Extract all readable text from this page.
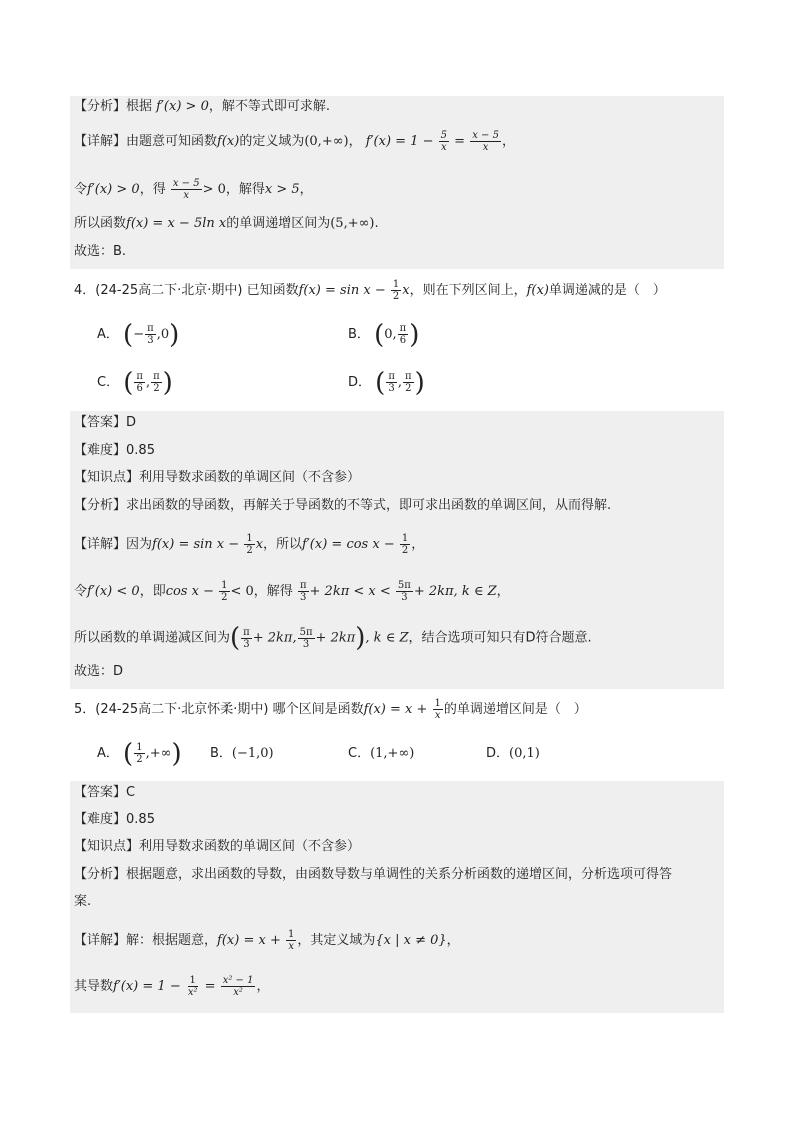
【分析】根据 f′(x) > 0，解不等式即可求解.
【详解】由题意可知函数f(x)的定义域为(0,+∞)， $f'(x) = 1 - \frac{5}{x} = \frac{x - 5}{x}$ ，
令f′(x) > 0，得 $\frac{x - 5}{x} > 0$，解得x > 5，
所以函数f(x) = x − 5ln x的单调递增区间为(5,+∞).
故选：B.
4．(24-25高二下·北京·期中) 已知函数$f(x) = \sin x - \frac{1}{2}$ x，则在下列区间上，f(x)单调递减的是（　）
A． (− $\frac{\pi}{3} ,0$)	B． (0, $\frac{\pi}{6}$ )
C． ( $\frac{\pi}{6}$ , $\frac{\pi}{2}$ )	D． ( $\frac{\pi}{3}$ , $\frac{\pi}{2}$ )
【答案】D
【难度】0.85
【知识点】利用导数求函数的单调区间（不含参）
【分析】求出函数的导函数，再解关于导函数的不等式，即可求出函数的单调区间，从而得解.
【详解】因为$f(x) = \sin x - \frac{1}{2}$ x，所以$f'(x) = \cos x - \frac{1}{2}$ ，
令f′(x) < 0，即$\cos x - \frac{1}{2} < 0$，解得 $\frac{\pi}{3} + 2k\pi < x < \frac{5\pi}{3} + 2k\pi$, k ∈ Z，
所以函数的单调递减区间为( $\frac{\pi}{3} + 2k\pi$, $\frac{5\pi}{3} + 2k\pi$), k ∈ Z，结合选项可知只有D符合题意.
故选：D
5．(24-25高二下·北京怀柔·期中) 哪个区间是函数$f(x) = x + \frac{1}{x}$ 的单调递增区间是（　）
A． ( $\frac{1}{2}$ ,+∞) B．(−1,0)	C．(1,+∞)	D．(0,1)
【答案】C
【难度】0.85
【知识点】利用导数求函数的单调区间（不含参）
【分析】根据题意，求出函数的导数，由函数导数与单调性的关系分析函数的递增区间，分析选项可得答
案.
【详解】解：根据题意，$f(x) = x + \frac{1}{x}$ ，其定义域为{x | x ≠ 0}，
其导数$f'(x) = 1 - \frac{1}{\text{x²}} = \frac{\text{x² − 1}}{\text{x²}}$ ，
